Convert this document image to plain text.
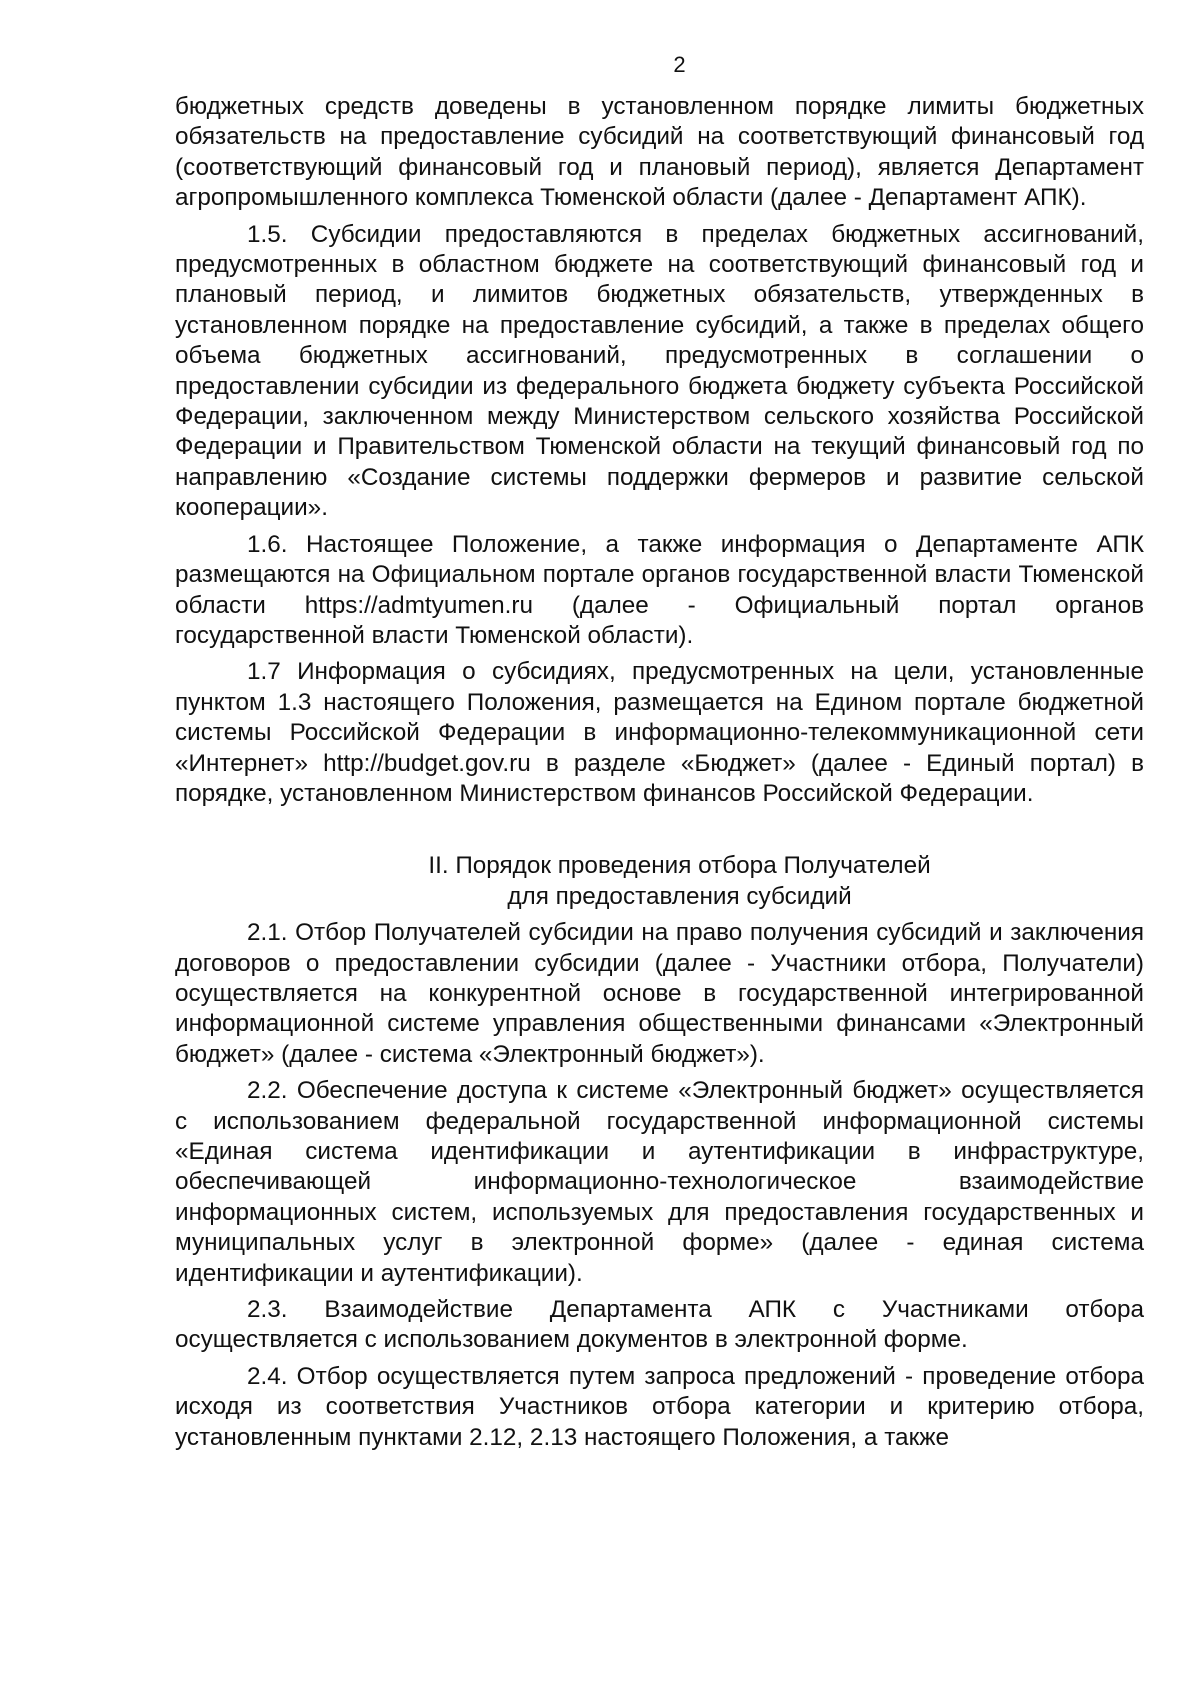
2

бюджетных средств доведены в установленном порядке лимиты бюджетных обязательств на предоставление субсидий на соответствующий финансовый год (соответствующий финансовый год и плановый период), является Департамент агропромышленного комплекса Тюменской области (далее - Департамент АПК).

1.5. Субсидии предоставляются в пределах бюджетных ассигнований, предусмотренных в областном бюджете на соответствующий финансовый год и плановый период, и лимитов бюджетных обязательств, утвержденных в установленном порядке на предоставление субсидий, а также в пределах общего объема бюджетных ассигнований, предусмотренных в соглашении о предоставлении субсидии из федерального бюджета бюджету субъекта Российской Федерации, заключенном между Министерством сельского хозяйства Российской Федерации и Правительством Тюменской области на текущий финансовый год по направлению «Создание системы поддержки фермеров и развитие сельской кооперации».

1.6. Настоящее Положение, а также информация о Департаменте АПК размещаются на Официальном портале органов государственной власти Тюменской области https://admtyumen.ru (далее - Официальный портал органов государственной власти Тюменской области).

1.7 Информация о субсидиях, предусмотренных на цели, установленные пунктом 1.3 настоящего Положения, размещается на Едином портале бюджетной системы Российской Федерации в информационно-телекоммуникационной сети «Интернет» http://budget.gov.ru в разделе «Бюджет» (далее - Единый портал) в порядке, установленном Министерством финансов Российской Федерации.

II. Порядок проведения отбора Получателей
для предоставления субсидий

2.1. Отбор Получателей субсидии на право получения субсидий и заключения договоров о предоставлении субсидии (далее - Участники отбора, Получатели) осуществляется на конкурентной основе в государственной интегрированной информационной системе управления общественными финансами «Электронный бюджет» (далее - система «Электронный бюджет»).

2.2. Обеспечение доступа к системе «Электронный бюджет» осуществляется с использованием федеральной государственной информационной системы «Единая система идентификации и аутентификации в инфраструктуре, обеспечивающей информационно-технологическое взаимодействие информационных систем, используемых для предоставления государственных и муниципальных услуг в электронной форме» (далее - единая система идентификации и аутентификации).

2.3. Взаимодействие Департамента АПК с Участниками отбора осуществляется с использованием документов в электронной форме.

2.4. Отбор осуществляется путем запроса предложений - проведение отбора исходя из соответствия Участников отбора категории и критерию отбора, установленным пунктами 2.12, 2.13 настоящего Положения, а также
